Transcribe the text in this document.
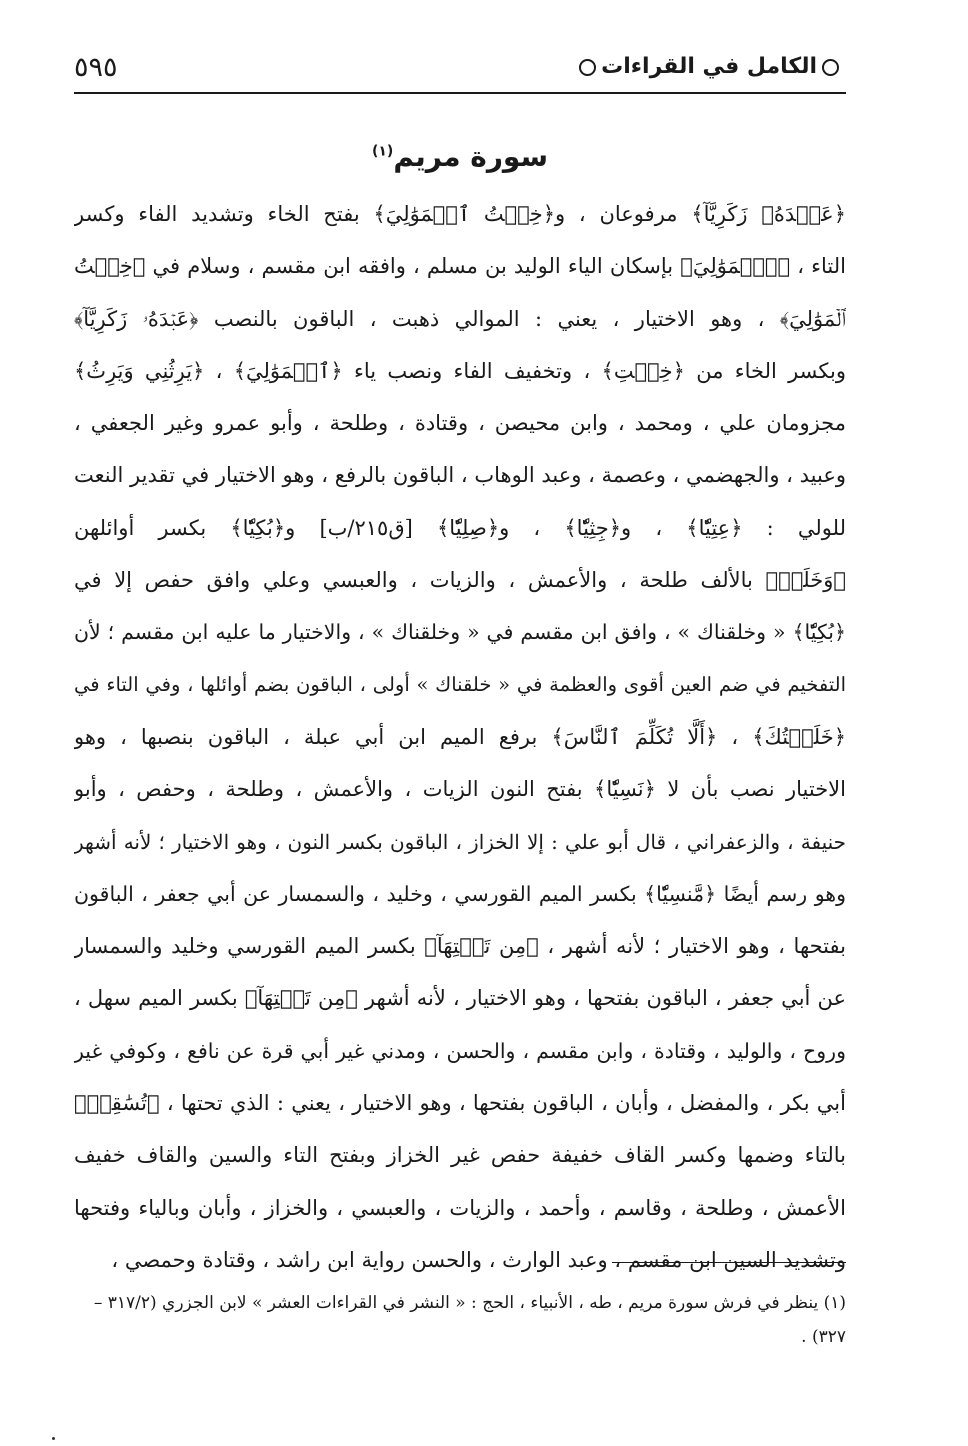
الكامل في القراءات
٥٩٥
سورة مريم$^{(١)}$
﴿عَبۡدَهُۥ زَكَرِيَّآ﴾ مرفوعان ، و﴿خِفۡتُ ٱلۡمَوَٰلِيَ﴾ بفتح الخاء وتشديد الفاء وكسر
التاء ، ﴿ٱلۡمَوَٰلِيَ﴾ بإسكان الياء الوليد بن مسلم ، وافقه ابن مقسم ، وسلام في ﴿خِفۡتُ
ٱلۡمَوَٰلِيَ﴾ ، وهو الاختيار ، يعني : الموالي ذهبت ، الباقون بالنصب ﴿عَبۡدَهُۥ زَكَرِيَّآ﴾
وبكسر الخاء من ﴿خِفۡتِ﴾ ، وتخفيف الفاء ونصب ياء ﴿ٱلۡمَوَٰلِيَ﴾ ، ﴿يَرِثُنِي وَيَرِثُ﴾
مجزومان علي ، ومحمد ، وابن محيصن ، وقتادة ، وطلحة ، وأبو عمرو وغير الجعفي ،
وعبيد ، والجهضمي ، وعصمة ، وعبد الوهاب ، الباقون بالرفع ، وهو الاختيار في تقدير النعت
للولي : ﴿عِتِيّٗا﴾ ، و﴿جِثِيّٗا﴾ ، و﴿صِلِيّٗا﴾ [ق٢١٥/ب] و﴿بُكِيّٗا﴾ بكسر أوائلهن
﴿وَخَلَقۡ﴾ بالألف طلحة ، والأعمش ، والزيات ، والعبسي وعلي وافق حفص إلا في
﴿بُكِيّٗا﴾ « وخلقناك » ، وافق ابن مقسم في « وخلقناك » ، والاختيار ما عليه ابن مقسم ؛ لأن
التفخيم في ضم العين أقوى والعظمة في « خلقناك » أولى ، الباقون بضم أوائلها ، وفي التاء في
﴿خَلَقۡتُكَ﴾ ، ﴿أَلَّا تُكَلِّمَ ٱلنَّاسَ﴾ برفع الميم ابن أبي عبلة ، الباقون بنصبها ، وهو
الاختيار نصب بأن لا ﴿نَسِيّٗا﴾ بفتح النون الزيات ، والأعمش ، وطلحة ، وحفص ، وأبو
حنيفة ، والزعفراني ، قال أبو علي : إلا الخزاز ، الباقون بكسر النون ، وهو الاختيار ؛ لأنه أشهر
وهو رسم أيضًا ﴿مَّنسِيّٗا﴾ بكسر الميم القورسي ، وخليد ، والسمسار عن أبي جعفر ، الباقون
بفتحها ، وهو الاختيار ؛ لأنه أشهر ، ﴿مِن تَحۡتِهَآ﴾ بكسر الميم القورسي وخليد والسمسار
عن أبي جعفر ، الباقون بفتحها ، وهو الاختيار ، لأنه أشهر ﴿مِن تَحۡتِهَآ﴾ بكسر الميم سهل ،
وروح ، والوليد ، وقتادة ، وابن مقسم ، والحسن ، ومدني غير أبي قرة عن نافع ، وكوفي غير
أبي بكر ، والمفضل ، وأبان ، الباقون بفتحها ، وهو الاختيار ، يعني : الذي تحتها ، ﴿تُسَٰقِطۡ﴾
بالتاء وضمها وكسر القاف خفيفة حفص غير الخزاز وبفتح التاء والسين والقاف خفيف
الأعمش ، وطلحة ، وقاسم ، وأحمد ، والزيات ، والعبسي ، والخزاز ، وأبان وبالياء وفتحها
وتشديد السين ابن مقسم ، وعبد الوارث ، والحسن رواية ابن راشد ، وقتادة وحمصي ،
(١) ينظر في فرش سورة مريم ، طه ، الأنبياء ، الحج : « النشر في القراءات العشر » لابن الجزري (٣١٧/٢ –
٣٢٧) .
